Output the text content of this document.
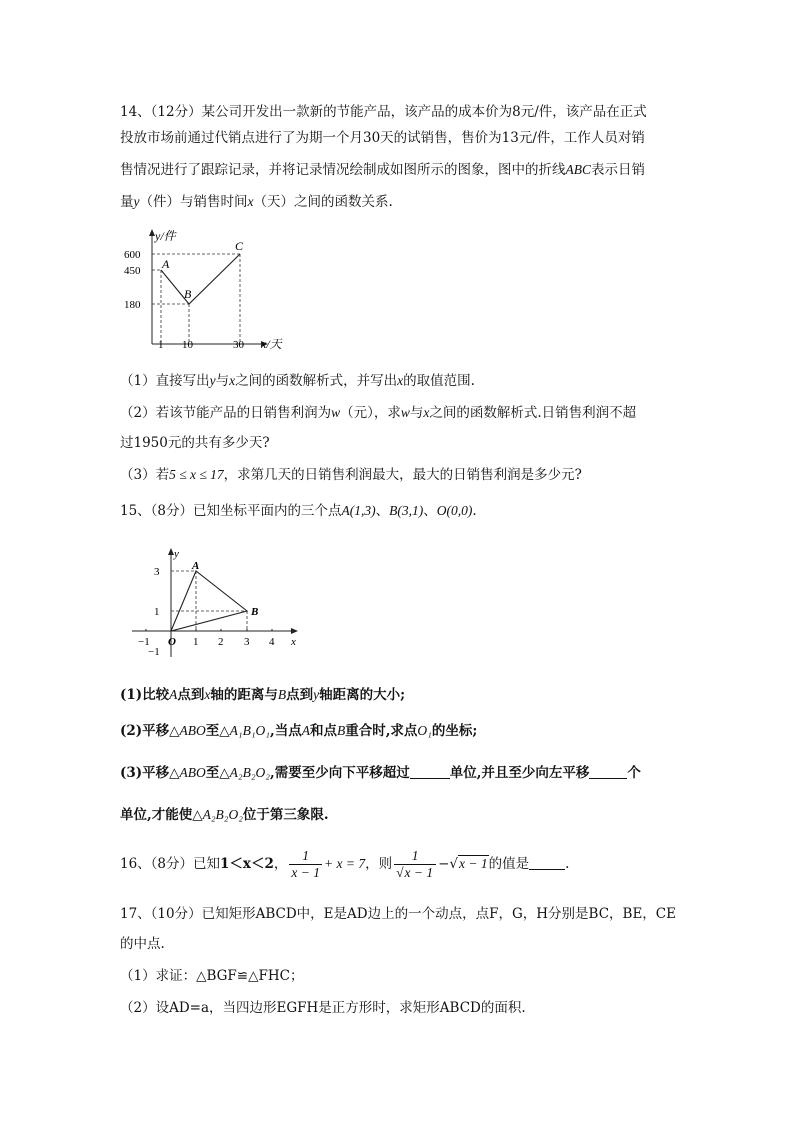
14、（12分）某公司开发出一款新的节能产品，该产品的成本价为8元/件，该产品在正式
投放市场前通过代销点进行了为期一个月30天的试销售，售价为13元/件，工作人员对销
售情况进行了跟踪记录，并将记录情况绘制成如图所示的图象，图中的折线ABC表示日销
量y（件）与销售时间x（天）之间的函数关系.
y/件
x/天
600
450
180
1 10	30
A
B
C
（1）直接写出y与x之间的函数解析式，并写出x的取值范围.
（2）若该节能产品的日销售利润为w（元），求w与x之间的函数解析式.日销售利润不超
过1950元的共有多少天?
（3）若5 ≤ x ≤ 17，求第几天的日销售利润最大，最大的日销售利润是多少元?
15、（8分）已知坐标平面内的三个点A(1,3)、B(3,1)、O(0,0).
y
x
3
1
−1
−1	1 2 3 4
O
A
B
(1)比较A点到x轴的距离与B点到y轴距离的大小;
(2)平移△ABO至△A₁B₁O₁,当点A和点B重合时,求点O₁的坐标;
(3)平移△ABO至△A₂B₂O₂,需要至少向下平移超过	单位,并且至少向左平移	个
单位,才能使△A₂B₂O₂位于第三象限.
16、（8分）已知1＜x＜2， $\frac{1}{x - 1} + x = 7$，则 $\frac{1}{√x - 1} -√x - 1$的值是	.
17、（10分）已知矩形ABCD中，E是AD边上的一个动点，点F，G，H分别是BC，BE，CE
的中点.
（1）求证：△BGF≌△FHC；
（2）设AD=a，当四边形EGFH是正方形时，求矩形ABCD的面积.
